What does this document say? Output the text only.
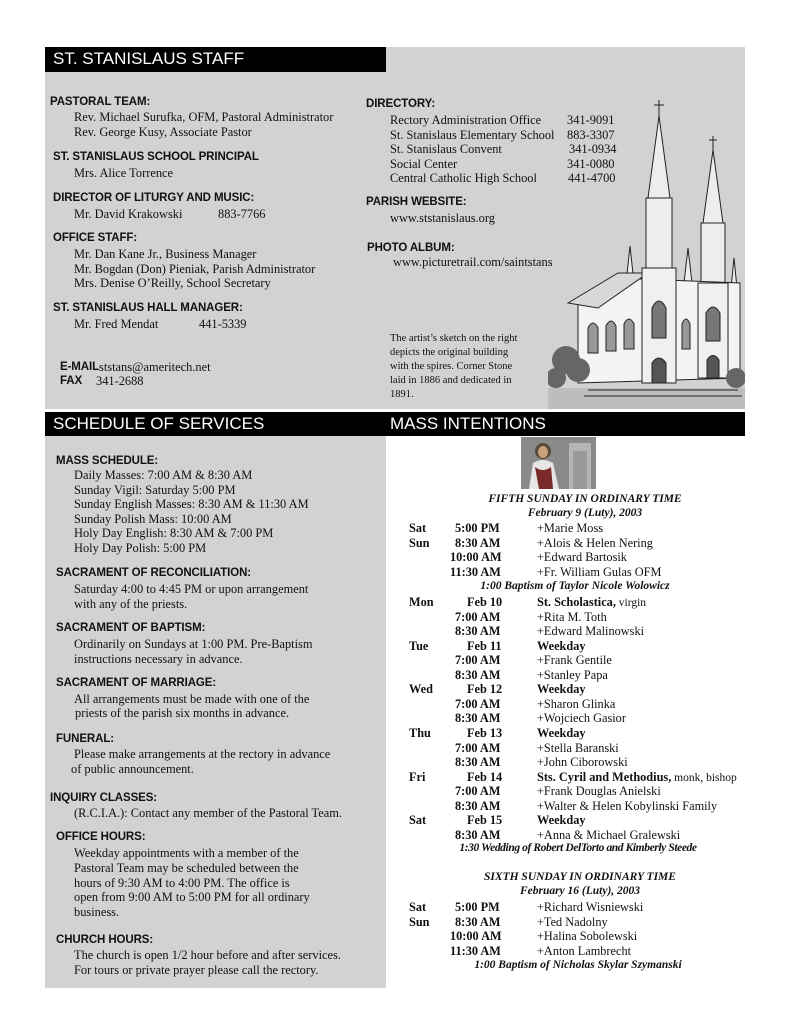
ST. STANISLAUS STAFF
PASTORAL TEAM:
Rev. Michael Surufka, OFM, Pastoral Administrator
Rev. George Kusy, Associate Pastor
ST. STANISLAUS SCHOOL PRINCIPAL
Mrs. Alice Torrence
DIRECTOR OF LITURGY AND MUSIC:
Mr. David Krakowski	883-7766
OFFICE STAFF:
Mr. Dan Kane Jr., Business Manager
Mr. Bogdan (Don) Pieniak, Parish Administrator
Mrs. Denise O’Reilly, School Secretary
ST. STANISLAUS HALL MANAGER:
Mr. Fred Mendat	441-5339
E-MAIL ststans@ameritech.net
FAX 341-2688
DIRECTORY:
Rectory Administration Office 341-9091
St. Stanislaus Elementary School 883-3307
St. Stanislaus Convent	341-0934
Social Center	341-0080
Central Catholic High School	441-4700
PARISH WEBSITE:
www.ststanislaus.org
PHOTO ALBUM:
www.picturetrail.com/saintstans
The artist’s sketch on the right
depicts the original building
with the spires. Corner Stone
laid in 1886 and dedicated in
1891.
SCHEDULE OF SERVICES	MASS INTENTIONS
MASS SCHEDULE:
Daily Masses: 7:00 AM & 8:30 AM
Sunday Vigil: Saturday 5:00 PM
Sunday English Masses: 8:30 AM & 11:30 AM
Sunday Polish Mass: 10:00 AM
Holy Day English: 8:30 AM & 7:00 PM
Holy Day Polish: 5:00 PM
SACRAMENT OF RECONCILIATION:
Saturday 4:00 to 4:45 PM or upon arrangement
with any of the priests.
SACRAMENT OF BAPTISM:
Ordinarily on Sundays at 1:00 PM. Pre-Baptism
instructions necessary in advance.
SACRAMENT OF MARRIAGE:
All arrangements must be made with one of the
priests of the parish six months in advance.
FUNERAL:
Please make arrangements at the rectory in advance
of public announcement.
INQUIRY CLASSES:
(R.C.I.A.): Contact any member of the Pastoral Team.
OFFICE HOURS:
Weekday appointments with a member of the
Pastoral Team may be scheduled between the
hours of 9:30 AM to 4:00 PM. The office is
open from 9:00 AM to 5:00 PM for all ordinary
business.
CHURCH HOURS:
The church is open 1/2 hour before and after services.
For tours or private prayer please call the rectory.
FIFTH SUNDAY IN ORDINARY TIME
February 9 (Luty), 2003
Sat 5:00 PM	+Marie Moss
Sun 8:30 AM	+Alois & Helen Nering
10:00 AM	+Edward Bartosik
11:30 AM	+Fr. William Gulas OFM
1:00 Baptism of Taylor Nicole Wolowicz
Mon	Feb 10	St. Scholastica, virgin
7:00 AM	+Rita M. Toth
8:30 AM	+Edward Malinowski
Tue	Feb 11	Weekday
7:00 AM	+Frank Gentile
8:30 AM	+Stanley Papa
Wed	Feb 12	Weekday
7:00 AM	+Sharon Glinka
8:30 AM	+Wojciech Gasior
Thu	Feb 13	Weekday
7:00 AM	+Stella Baranski
8:30 AM	+John Ciborowski
Fri	Feb 14	Sts. Cyril and Methodius, monk, bishop
7:00 AM	+Frank Douglas Anielski
8:30 AM	+Walter & Helen Kobylinski Family
Sat	Feb 15	Weekday
8:30 AM	+Anna & Michael Gralewski
1:30 Wedding of Robert DelTorto and Kimberly Steede
SIXTH SUNDAY IN ORDINARY TIME
February 16 (Luty), 2003
Sat 5:00 PM	+Richard Wisniewski
Sun 8:30 AM	+Ted Nadolny
10:00 AM	+Halina Sobolewski
11:30 AM	+Anton Lambrecht
1:00 Baptism of Nicholas Skylar Szymanski
